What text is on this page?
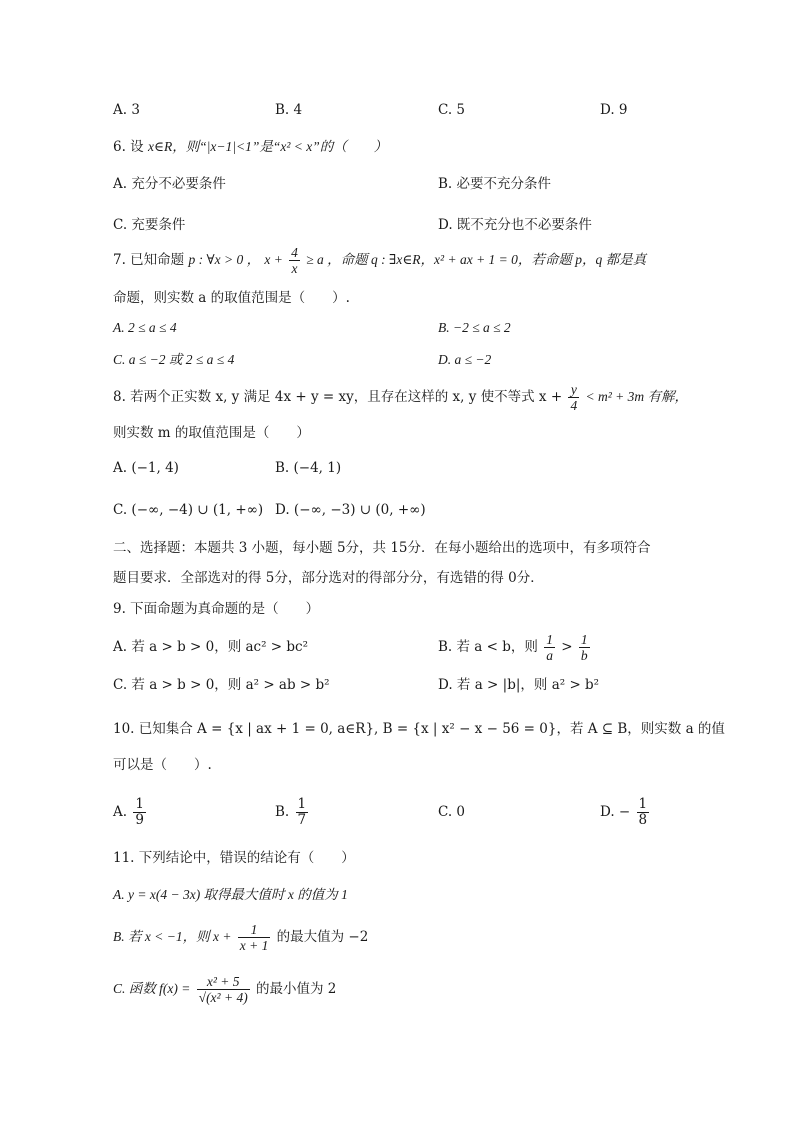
A. 3	B. 4	C. 5	D. 9
6. 设 x∈R，则“|x−1|<1”是“x² < x”的（　　）
A. 充分不必要条件	B. 必要不充分条件
C. 充要条件	D. 既不充分也不必要条件
7. 已知命题 p : ∀x > 0 ， $x + \frac{4}{x} \ge a$ ，命题 q : ∃x∈R，x² + ax + 1 = 0，若命题 p，q 都是真
命题，则实数 a 的取值范围是（　　）.
A. 2 ≤ a ≤ 4	B. −2 ≤ a ≤ 2
C. a ≤ −2 或 2 ≤ a ≤ 4	D. a ≤ −2
8. 若两个正实数 x, y 满足 4x + y = xy，且存在这样的 x, y 使不等式 $x + \frac{y}{4} < m^2 + 3m$ 有解，
则实数 m 的取值范围是（　　）
A. (−1, 4)	B. (−4, 1)
C. (−∞, −4) ∪ (1, +∞) D. (−∞, −3) ∪ (0, +∞)
二、选择题：本题共 3 小题，每小题 5分，共 15分．在每小题给出的选项中，有多项符合
题目要求．全部选对的得 5分，部分选对的得部分分，有选错的得 0分．
9. 下面命题为真命题的是（　　）
A. 若 a > b > 0，则 ac² > bc²	B. 若 a < b，则 $\frac{1}{a} > \frac{1}{b}$
C. 若 a > b > 0，则 a² > ab > b²	D. 若 a > |b|，则 a² > b²
10. 已知集合 A = {x | ax + 1 = 0, a∈R}, B = {x | x² − x − 56 = 0}，若 A ⊆ B，则实数 a 的值
可以是（　　）.
A. $\frac{1}{9}$	B. $\frac{1}{7}$	C. 0	D. − $\frac{1}{8}$
11. 下列结论中，错误的结论有（　　）
A. y = x(4 − 3x) 取得最大值时 x 的值为 1
B. 若 x < −1，则 $x + \frac{1}{x + 1}$ 的最大值为 −2
C. 函数 $f(x) = \frac{\text{x² + 5}}{\text{√(x² + 4)}}$ 的最小值为 2
